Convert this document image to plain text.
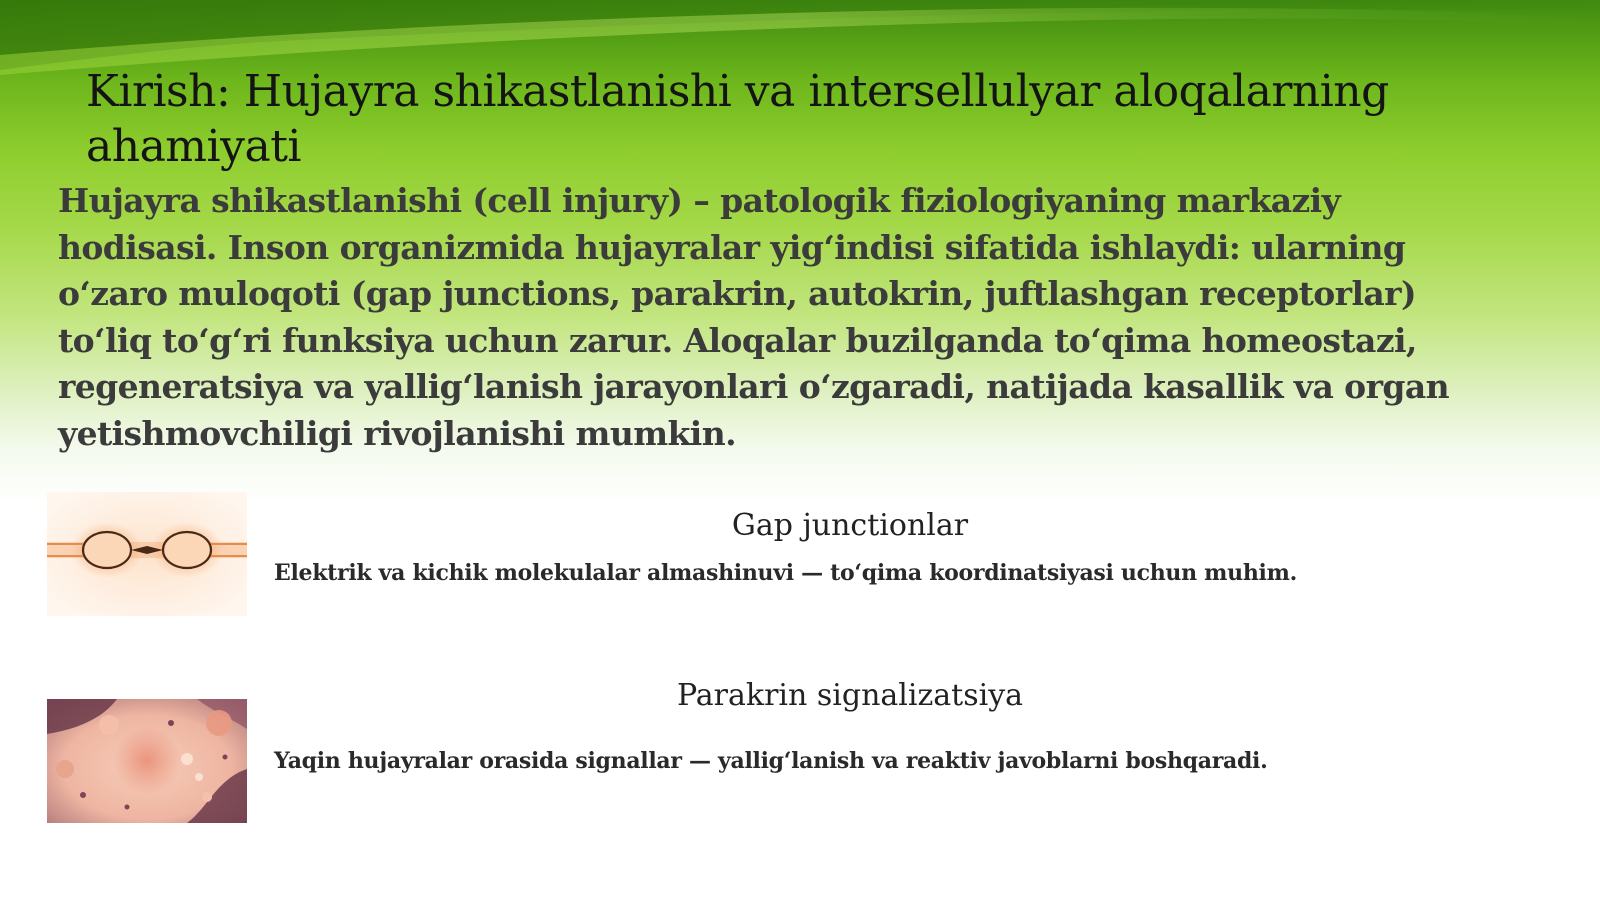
Kirish: Hujayra shikastlanishi va intersellulyar aloqalarning ahamiyati

Hujayra shikastlanishi (cell injury) – patologik fiziologiyaning markaziy hodisasi. Inson organizmida hujayralar yig‘indisi sifatida ishlaydi: ularning o‘zaro muloqoti (gap junctions, parakrin, autokrin, juftlashgan receptorlar) to‘liq to‘g‘ri funksiya uchun zarur. Aloqalar buzilganda to‘qima homeostazi, regeneratsiya va yallig‘lanish jarayonlari o‘zgaradi, natijada kasallik va organ yetishmovchiligi rivojlanishi mumkin.

Gap junctionlar

Elektrik va kichik molekulalar almashinuvi — to‘qima koordinatsiyasi uchun muhim.

Parakrin signalizatsiya

Yaqin hujayralar orasida signallar — yallig‘lanish va reaktiv javoblarni boshqaradi.
